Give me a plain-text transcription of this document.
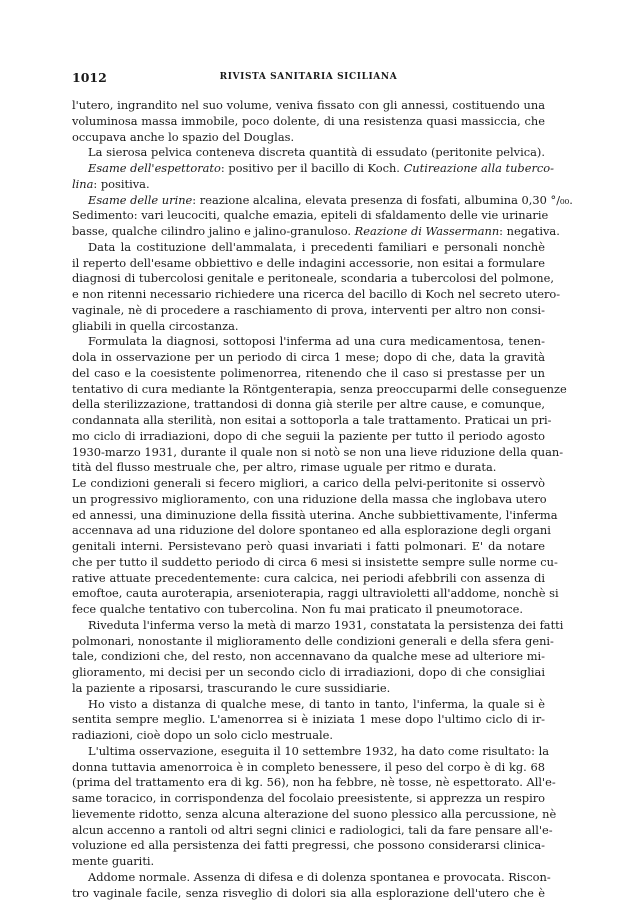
1012	RIVISTA SANITARIA SICILIANA
l'utero, ingrandito nel suo volume, veniva fissato con gli annessi, costituendo una
voluminosa massa immobile, poco dolente, di una resistenza quasi massiccia, che
occupava anche lo spazio del Douglas.
La sierosa pelvica conteneva discreta quantità di essudato (peritonite pelvica).
Esame dell'espettorato: positivo per il bacillo di Koch. Cutireazione alla tuberco-
lina: positiva.
Esame delle urine: reazione alcalina, elevata presenza di fosfati, albumina 0,30 °/₀₀.
Sedimento: vari leucociti, qualche emazia, epiteli di sfaldamento delle vie urinarie
basse, qualche cilindro jalino e jalino-granuloso. Reazione di Wassermann: negativa.
Data la costituzione dell'ammalata, i precedenti familiari e personali nonchè
il reperto dell'esame obbiettivo e delle indagini accessorie, non esitai a formulare
diagnosi di tubercolosi genitale e peritoneale, scondaria a tubercolosi del polmone,
e non ritenni necessario richiedere una ricerca del bacillo di Koch nel secreto utero-
vaginale, nè di procedere a raschiamento di prova, interventi per altro non consi-
gliabili in quella circostanza.
Formulata la diagnosi, sottoposi l'inferma ad una cura medicamentosa, tenen-
dola in osservazione per un periodo di circa 1 mese; dopo di che, data la gravità
del caso e la coesistente polimenorrea, ritenendo che il caso si prestasse per un
tentativo di cura mediante la Röntgenterapia, senza preoccuparmi delle conseguenze
della sterilizzazione, trattandosi di donna già sterile per altre cause, e comunque,
condannata alla sterilità, non esitai a sottoporla a tale trattamento. Praticai un pri-
mo ciclo di irradiazioni, dopo di che seguii la paziente per tutto il periodo agosto
1930-marzo 1931, durante il quale non si notò se non una lieve riduzione della quan-
tità del flusso mestruale che, per altro, rimase uguale per ritmo e durata.
Le condizioni generali si fecero migliori, a carico della pelvi-peritonite si osservò
un progressivo miglioramento, con una riduzione della massa che inglobava utero
ed annessi, una diminuzione della fissità uterina. Anche subbiettivamente, l'inferma
accennava ad una riduzione del dolore spontaneo ed alla esplorazione degli organi
genitali interni. Persistevano però quasi invariati i fatti polmonari. E' da notare
che per tutto il suddetto periodo di circa 6 mesi si insistette sempre sulle norme cu-
rative attuate precedentemente: cura calcica, nei periodi afebbrili con assenza di
emoftoe, cauta auroterapia, arsenioterapia, raggi ultravioletti all'addome, nonchè si
fece qualche tentativo con tubercolina. Non fu mai praticato il pneumotorace.
Riveduta l'inferma verso la metà di marzo 1931, constatata la persistenza dei fatti
polmonari, nonostante il miglioramento delle condizioni generali e della sfera geni-
tale, condizioni che, del resto, non accennavano da qualche mese ad ulteriore mi-
glioramento, mi decisi per un secondo ciclo di irradiazioni, dopo di che consigliai
la paziente a riposarsi, trascurando le cure sussidiarie.
Ho visto a distanza di qualche mese, di tanto in tanto, l'inferma, la quale si è
sentita sempre meglio. L'amenorrea si è iniziata 1 mese dopo l'ultimo ciclo di ir-
radiazioni, cioè dopo un solo ciclo mestruale.
L'ultima osservazione, eseguita il 10 settembre 1932, ha dato come risultato: la
donna tuttavia amenorroica è in completo benessere, il peso del corpo è di kg. 68
(prima del trattamento era di kg. 56), non ha febbre, nè tosse, nè espettorato. All'e-
same toracico, in corrispondenza del focolaio preesistente, si apprezza un respiro
lievemente ridotto, senza alcuna alterazione del suono plessico alla percussione, nè
alcun accenno a rantoli od altri segni clinici e radiologici, tali da fare pensare all'e-
voluzione ed alla persistenza dei fatti pregressi, che possono considerarsi clinica-
mente guariti.
Addome normale. Assenza di difesa e di dolenza spontanea e provocata. Riscon-
tro vaginale facile, senza risveglio di dolori sia alla esplorazione dell'utero che è
